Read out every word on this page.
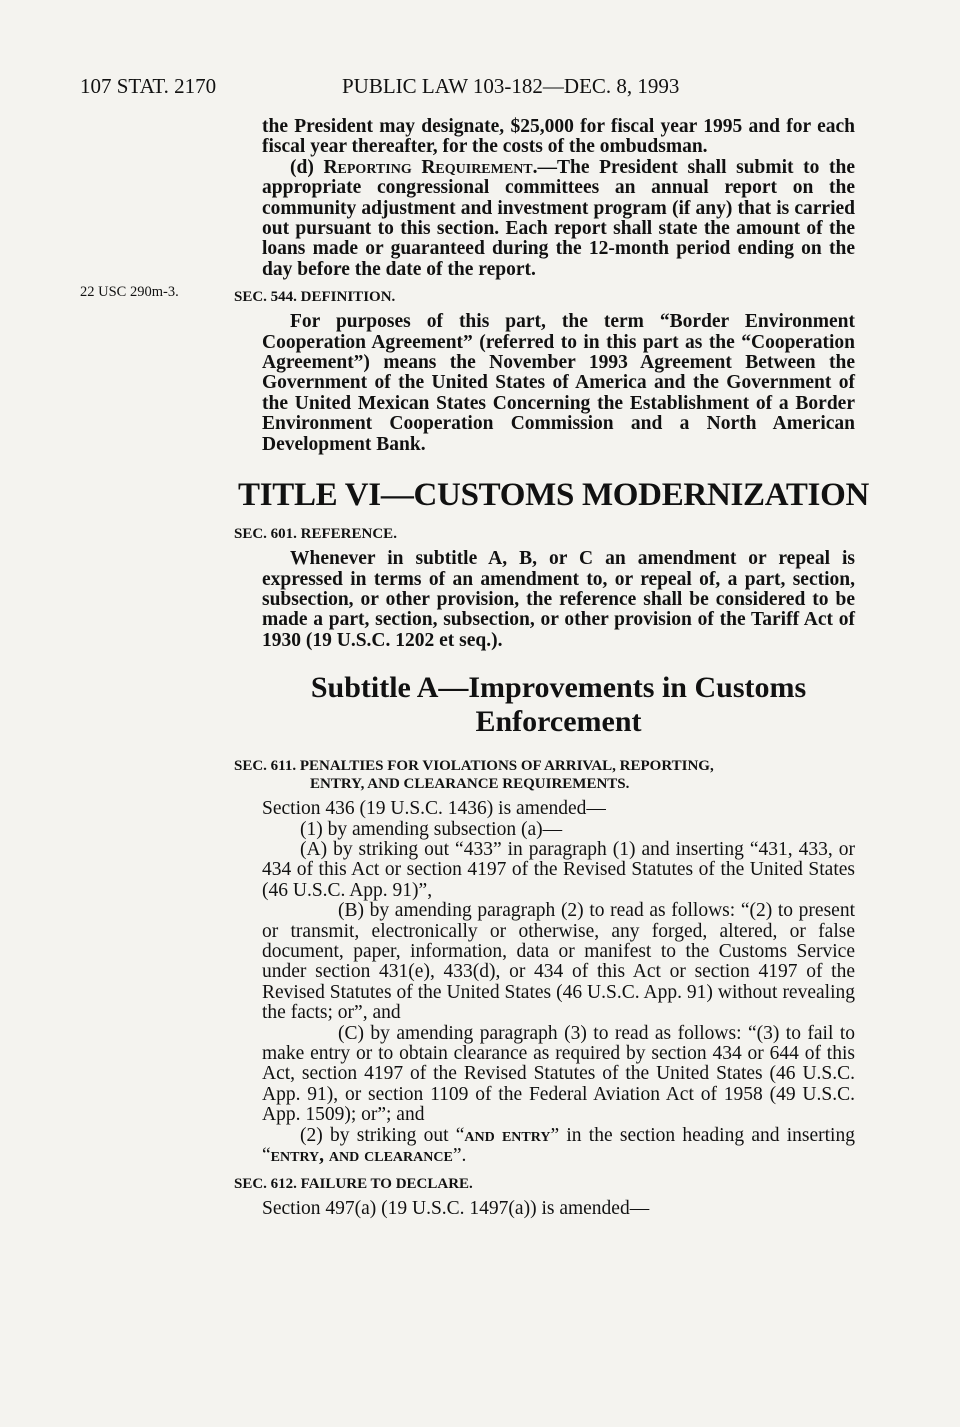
107 STAT. 2170	PUBLIC LAW 103-182—DEC. 8, 1993
22 USC 290m-3.

the President may designate, $25,000 for fiscal year 1995 and for each fiscal year thereafter, for the costs of the ombudsman.

(d) Reporting Requirement.—The President shall submit to the appropriate congressional committees an annual report on the community adjustment and investment program (if any) that is carried out pursuant to this section. Each report shall state the amount of the loans made or guaranteed during the 12-month period ending on the day before the date of the report.

SEC. 544. DEFINITION.

For purposes of this part, the term “Border Environment Cooperation Agreement” (referred to in this part as the “Cooperation Agreement”) means the November 1993 Agreement Between the Government of the United States of America and the Government of the United Mexican States Concerning the Establishment of a Border Environment Cooperation Commission and a North American Development Bank.

TITLE VI—CUSTOMS MODERNIZATION
SEC. 601. REFERENCE.

Whenever in subtitle A, B, or C an amendment or repeal is expressed in terms of an amendment to, or repeal of, a part, section, subsection, or other provision, the reference shall be considered to be made a part, section, subsection, or other provision of the Tariff Act of 1930 (19 U.S.C. 1202 et seq.).

Subtitle A—Improvements in Customs
Enforcement
SEC. 611. PENALTIES FOR VIOLATIONS OF ARRIVAL, REPORTING,
ENTRY, AND CLEARANCE REQUIREMENTS.

Section 436 (19 U.S.C. 1436) is amended—

(1) by amending subsection (a)—

(A) by striking out “433” in paragraph (1) and inserting “431, 433, or 434 of this Act or section 4197 of the Revised Statutes of the United States (46 U.S.C. App. 91)”,

(B) by amending paragraph (2) to read as follows: “(2) to present or transmit, electronically or otherwise, any forged, altered, or false document, paper, information, data or manifest to the Customs Service under section 431(e), 433(d), or 434 of this Act or section 4197 of the Revised Statutes of the United States (46 U.S.C. App. 91) without revealing the facts; or”, and

(C) by amending paragraph (3) to read as follows: “(3) to fail to make entry or to obtain clearance as required by section 434 or 644 of this Act, section 4197 of the Revised Statutes of the United States (46 U.S.C. App. 91), or section 1109 of the Federal Aviation Act of 1958 (49 U.S.C. App. 1509); or”; and

(2) by striking out “and entry” in the section heading and inserting “entry, and clearance”.

SEC. 612. FAILURE TO DECLARE.

Section 497(a) (19 U.S.C. 1497(a)) is amended—
